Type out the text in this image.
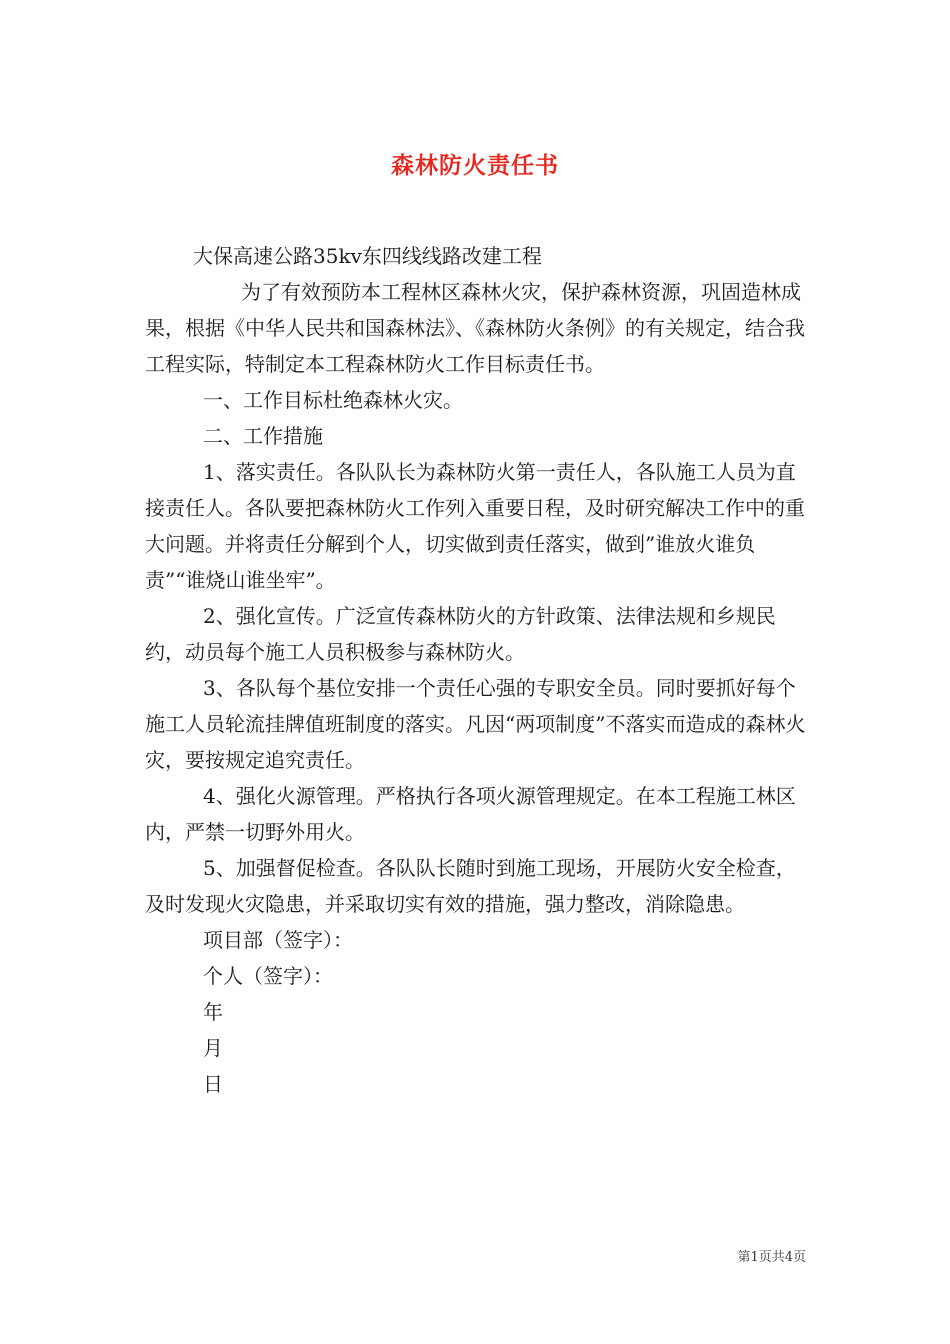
森林防火责任书

大保高速公路35kv东四线线路改建工程

为了有效预防本工程林区森林火灾，保护森林资源，巩固造林成果，根据《中华人民共和国森林法》、《森林防火条例》的有关规定，结合我工程实际，特制定本工程森林防火工作目标责任书。

一、工作目标杜绝森林火灾。

二、工作措施

1、落实责任。各队队长为森林防火第一责任人，各队施工人员为直接责任人。各队要把森林防火工作列入重要日程，及时研究解决工作中的重大问题。并将责任分解到个人，切实做到责任落实，做到”谁放火谁负责”“谁烧山谁坐牢”。

2、强化宣传。广泛宣传森林防火的方针政策、法律法规和乡规民约，动员每个施工人员积极参与森林防火。

3、各队每个基位安排一个责任心强的专职安全员。同时要抓好每个施工人员轮流挂牌值班制度的落实。凡因“两项制度”不落实而造成的森林火灾，要按规定追究责任。

4、强化火源管理。严格执行各项火源管理规定。在本工程施工林区内，严禁一切野外用火。

5、加强督促检查。各队队长随时到施工现场，开展防火安全检查，及时发现火灾隐患，并采取切实有效的措施，强力整改，消除隐患。

项目部（签字）：

个人（签字）：

年

月

日

第1页共4页
